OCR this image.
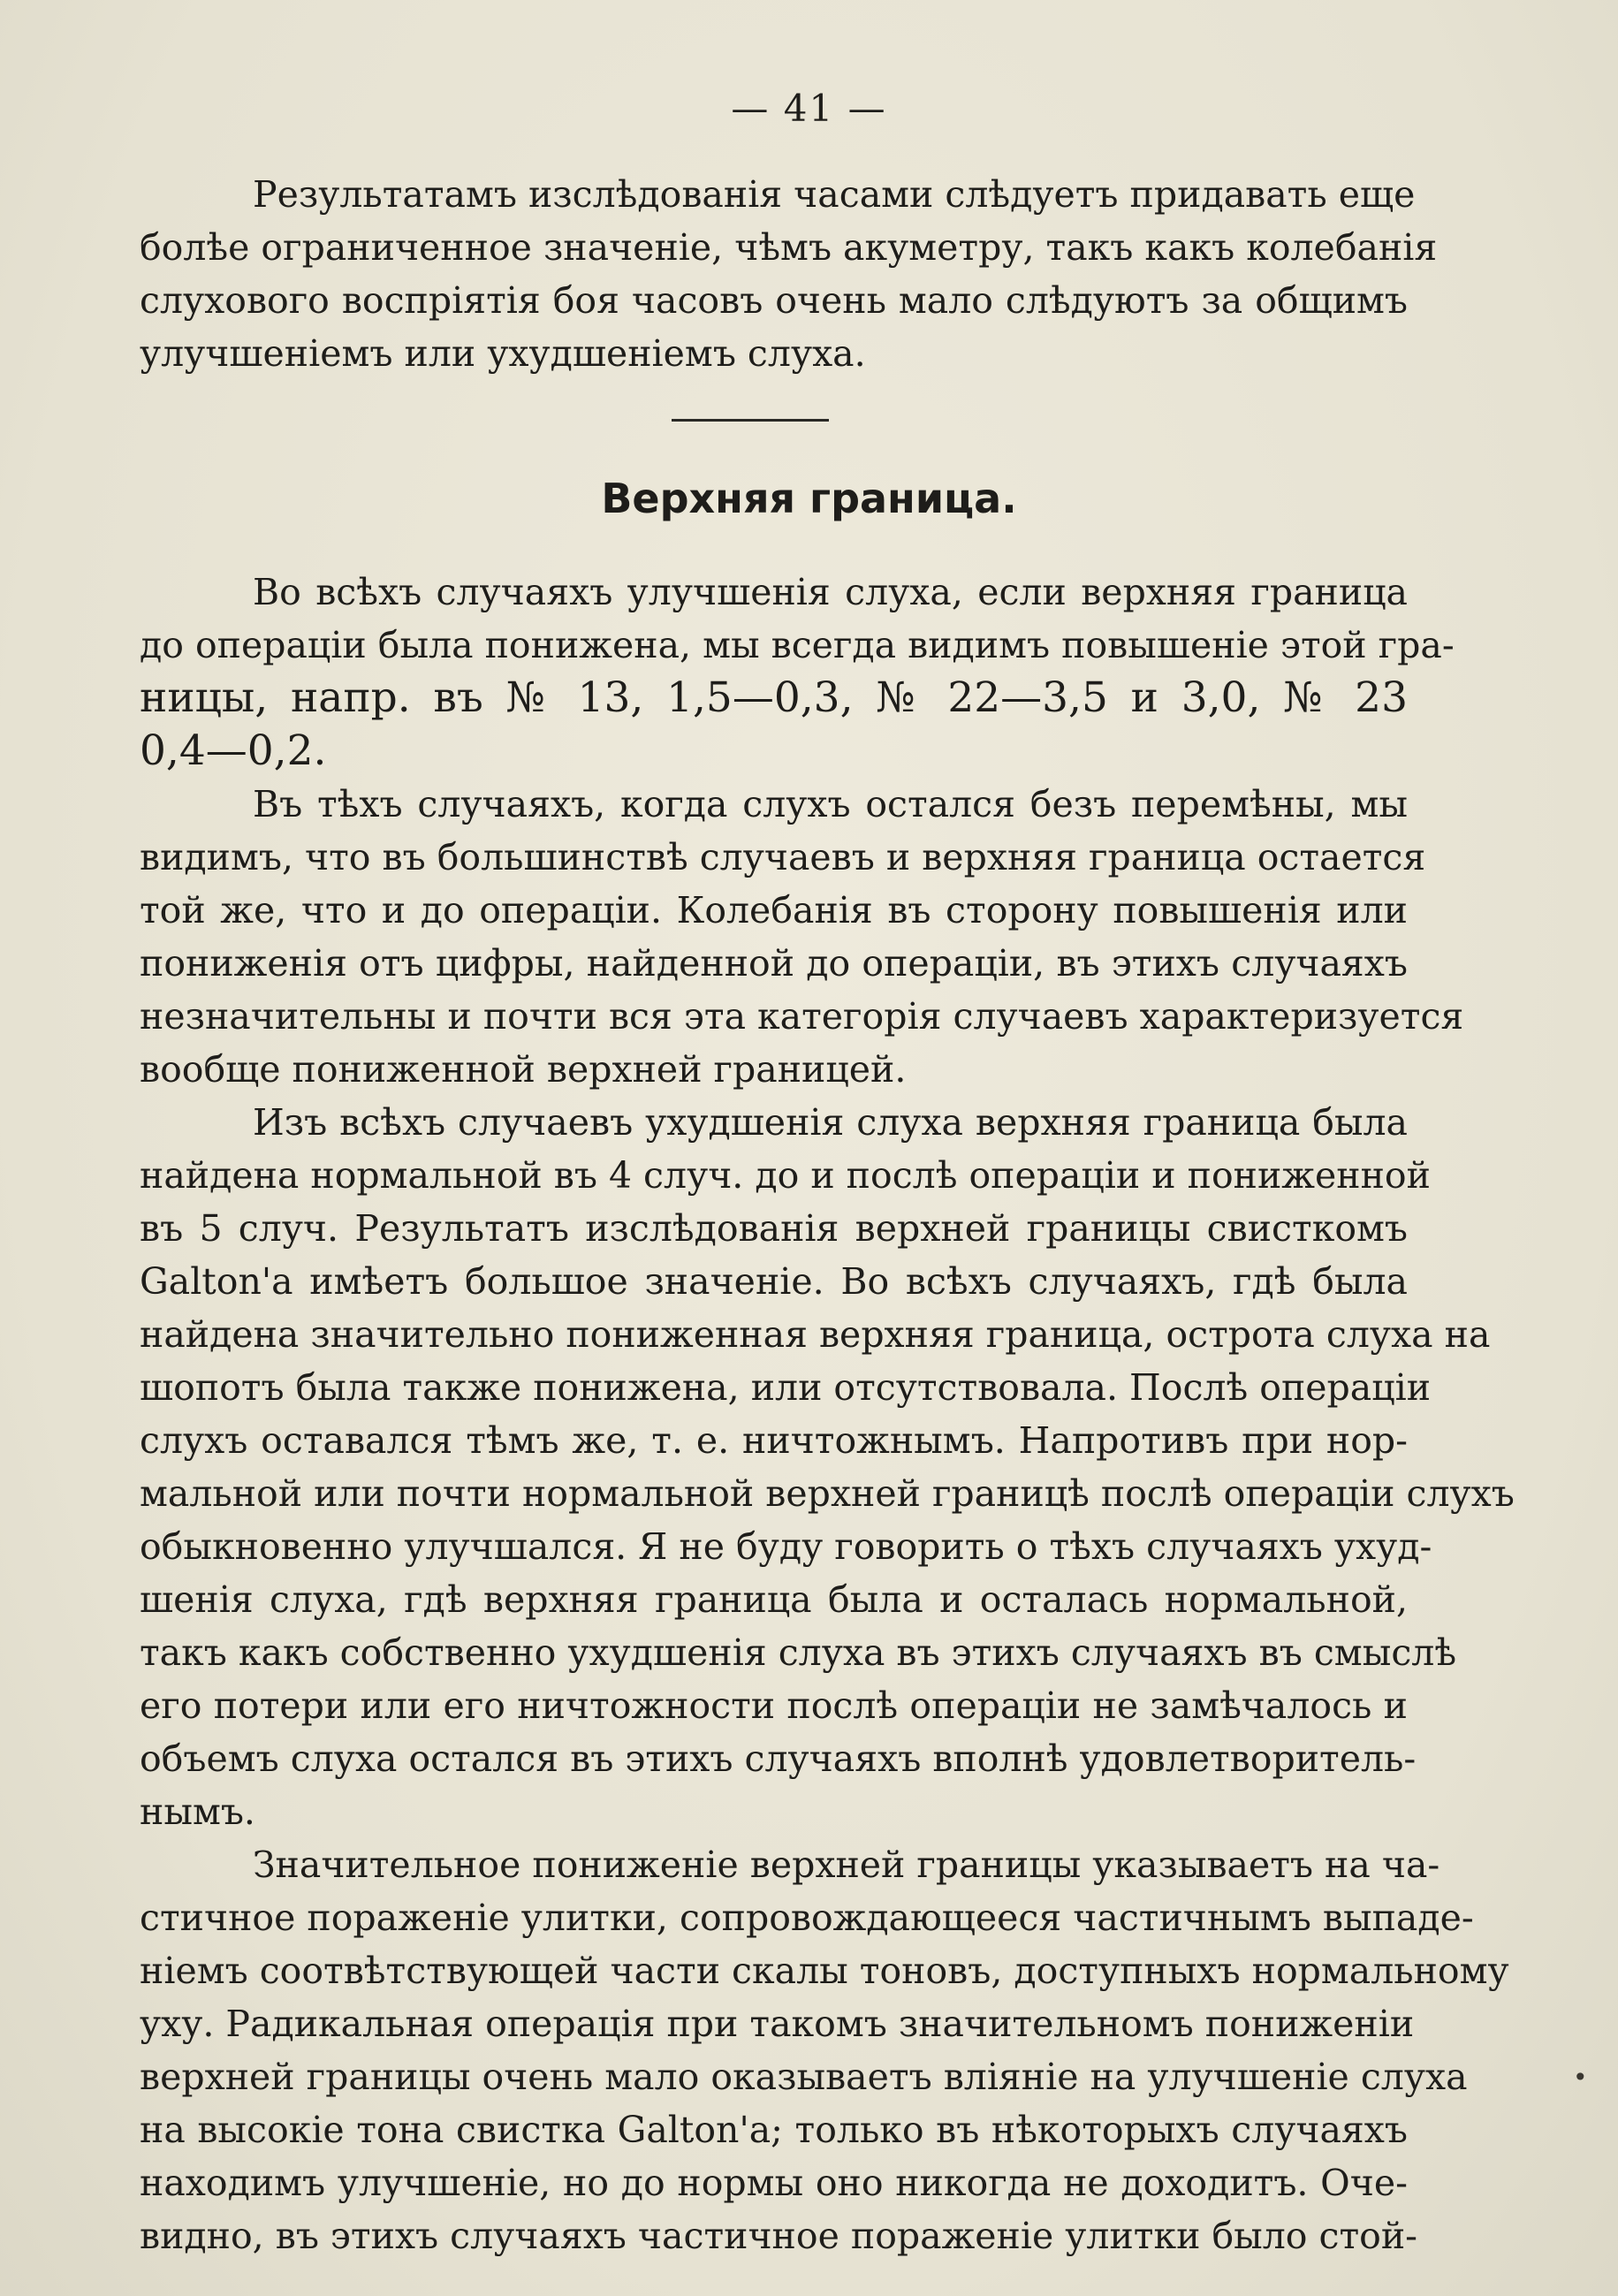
— 41 —
Результатамъ изслѣдованія часами слѣдуетъ придавать еще
болѣе ограниченное значеніе, чѣмъ акуметру, такъ какъ колебанія
слухового воспріятія боя часовъ очень мало слѣдуютъ за общимъ
улучшеніемъ или ухудшеніемъ слуха.
Верхняя граница.
Во всѣхъ случаяхъ улучшенія слуха, если верхняя граница
до операціи была понижена, мы всегда видимъ повышеніе этой гра-
ницы, напр. въ № 13, 1,5—0,3, № 22—3,5 и 3,0, № 23
0,4—0,2.
Въ тѣхъ случаяхъ, когда слухъ остался безъ перемѣны, мы
видимъ, что въ большинствѣ случаевъ и верхняя граница остается
той же, что и до операціи. Колебанія въ сторону повышенія или
пониженія отъ цифры, найденной до операціи, въ этихъ случаяхъ
незначительны и почти вся эта категорія случаевъ характеризуется
вообще пониженной верхней границей.
Изъ всѣхъ случаевъ ухудшенія слуха верхняя граница была
найдена нормальной въ 4 случ. до и послѣ операціи и пониженной
въ 5 случ. Результатъ изслѣдованія верхней границы свисткомъ
Galton'а имѣетъ большое значеніе. Во всѣхъ случаяхъ, гдѣ была
найдена значительно пониженная верхняя граница, острота слуха на
шопотъ была также понижена, или отсутствовала. Послѣ операціи
слухъ оставался тѣмъ же, т. е. ничтожнымъ. Напротивъ при нор-
мальной или почти нормальной верхней границѣ послѣ операціи слухъ
обыкновенно улучшался. Я не буду говорить о тѣхъ случаяхъ ухуд-
шенія слуха, гдѣ верхняя граница была и осталась нормальной,
такъ какъ собственно ухудшенія слуха въ этихъ случаяхъ въ смыслѣ
его потери или его ничтожности послѣ операціи не замѣчалось и
объемъ слуха остался въ этихъ случаяхъ вполнѣ удовлетворитель-
нымъ.
Значительное пониженіе верхней границы указываетъ на ча-
стичное пораженіе улитки, сопровождающееся частичнымъ выпаде-
ніемъ соотвѣтствующей части скалы тоновъ, доступныхъ нормальному
уху. Радикальная операція при такомъ значительномъ пониженіи
верхней границы очень мало оказываетъ вліяніе на улучшеніе слуха
на высокіе тона свистка Galton'а; только въ нѣкоторыхъ случаяхъ
находимъ улучшеніе, но до нормы оно никогда не доходитъ. Оче-
видно, въ этихъ случаяхъ частичное пораженіе улитки было стой-
•
